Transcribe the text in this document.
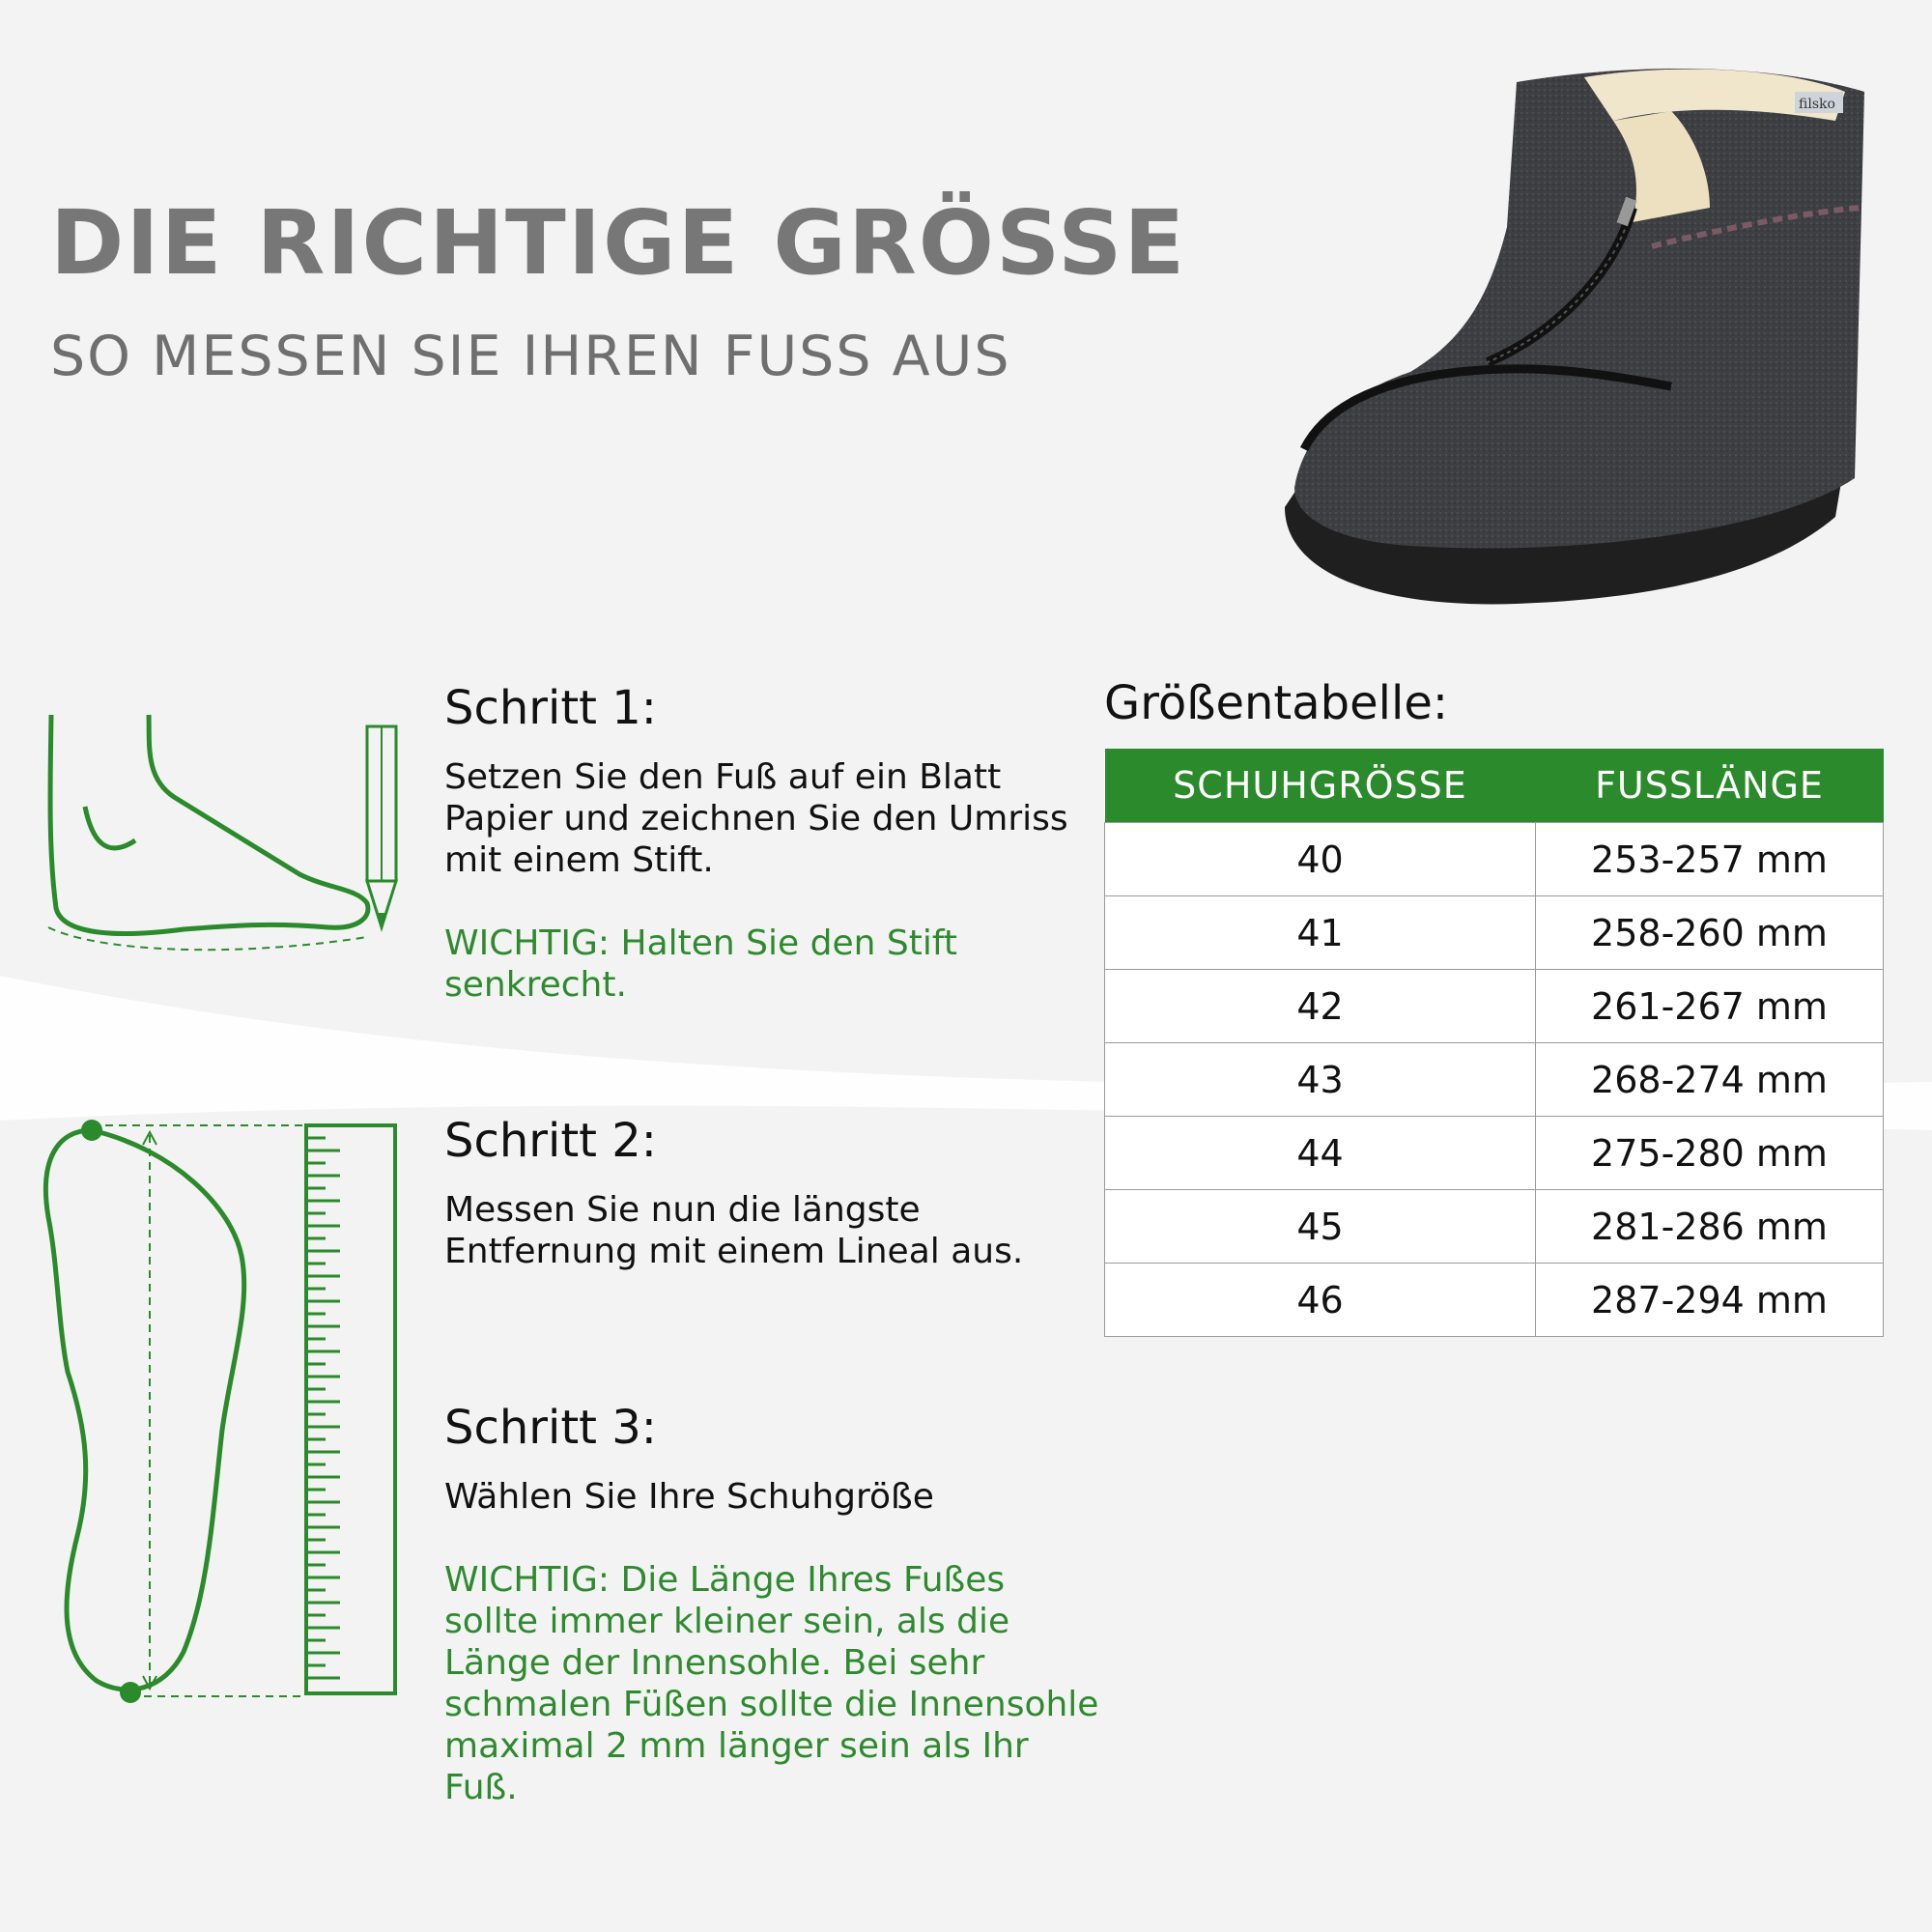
DIE RICHTIGE GRÖSSE
SO MESSEN SIE IHREN FUSS AUS
filsko
Schritt 1:

Setzen Sie den Fuß auf ein Blatt Papier und zeichnen Sie den Umriss mit einem Stift.

WICHTIG: Halten Sie den Stift senkrecht.

Schritt 2:

Messen Sie nun die längste Entfernung mit einem Lineal aus.

Schritt 3:

Wählen Sie Ihre Schuhgröße

WICHTIG: Die Länge Ihres Fußes sollte immer kleiner sein, als die Länge der Innensohle. Bei sehr schmalen Füßen sollte die Innensohle maximal 2 mm länger sein als Ihr Fuß.

Größentabelle:
SCHUHGRÖSSE	FUSSLÄNGE
40	253-257 mm
41	258-260 mm
42	261-267 mm
43	268-274 mm
44	275-280 mm
45	281-286 mm
46	287-294 mm
